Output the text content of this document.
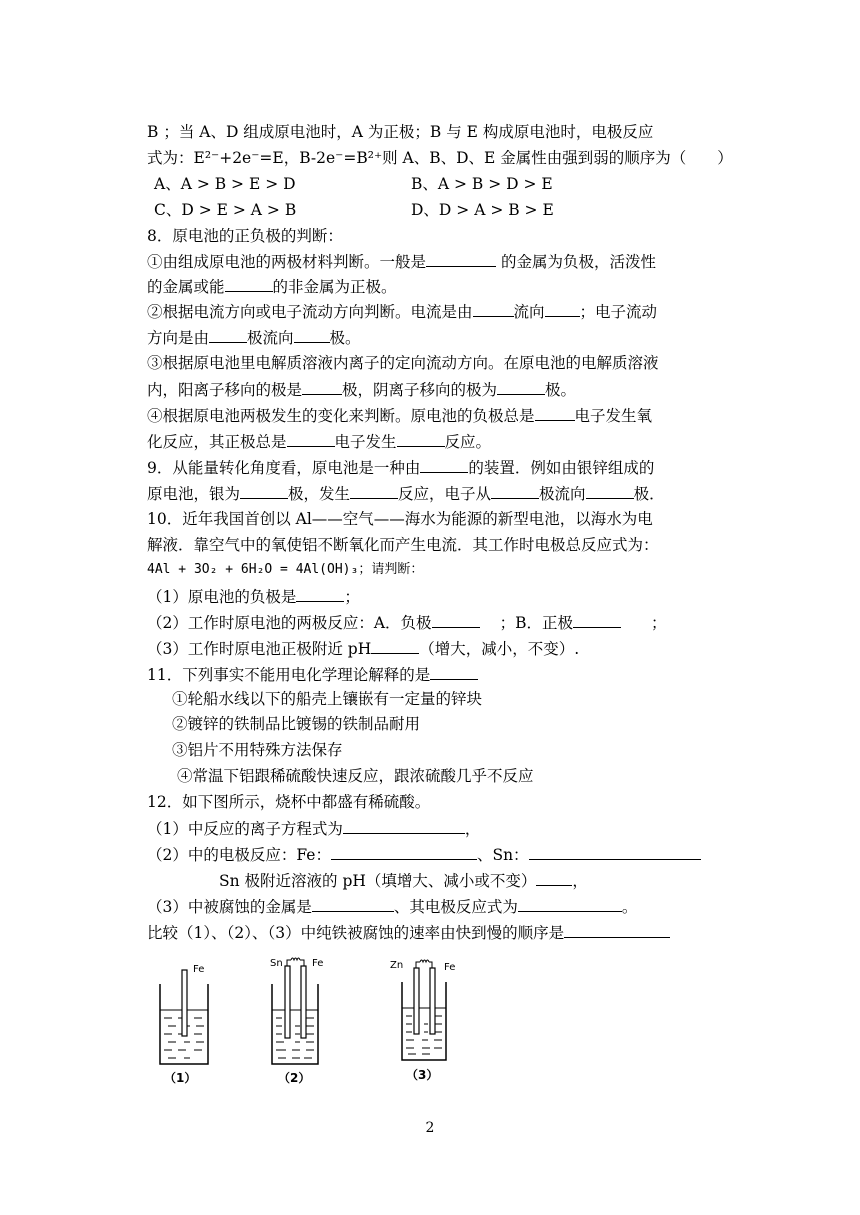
B ；当 A、D 组成原电池时，A 为正极；B 与 E 构成原电池时，电极反应
式为：E²⁻+2e⁻=E，B-2e⁻=B²⁺则 A、B、D、E 金属性由强到弱的顺序为（　　）
A、A > B > E > D	B、A > B > D > E
C、D > E > A > B	D、D > A > B > E
8．原电池的正负极的判断：
①由组成原电池的两极材料判断。一般是	的金属为负极，活泼性
的金属或能	的非金属为正极。
②根据电流方向或电子流动方向判断。电流是由	流向 ；电子流动
方向是由 极流向 极。
③根据原电池里电解质溶液内离子的定向流动方向。在原电池的电解质溶液
内，阳离子移向的极是	极，阴离子移向的极为	极。
④根据原电池两极发生的变化来判断。原电池的负极总是	电子发生氧
化反应，其正极总是	电子发生	反应。
9．从能量转化角度看，原电池是一种由	的装置．例如由银锌组成的
原电池，银为	极，发生	反应，电子从	极流向	极．
10．近年我国首创以 Al——空气——海水为能源的新型电池，以海水为电
解液．靠空气中的氧使铝不断氧化而产生电流．其工作时电极总反应式为：
4Al + 3O₂ + 6H₂O = 4Al(OH)₃；请判断：
（1）原电池的负极是	；
（2）工作时原电池的两极反应：A．负极	；B．正极	；
（3）工作时原电池正极附近 pH	（增大，减小，不变）.
11．下列事实不能用电化学理论解释的是
①轮船水线以下的船壳上镶嵌有一定量的锌块
②镀锌的铁制品比镀锡的铁制品耐用
③铝片不用特殊方法保存
④常温下铝跟稀硫酸快速反应，跟浓硫酸几乎不反应
12．如下图所示，烧杯中都盛有稀硫酸。
（1）中反应的离子方程式为	，
（2）中的电极反应：Fe：	、Sn：
Sn 极附近溶液的 pH（填增大、减小或不变） ，
（3）中被腐蚀的金属是	、其电极反应式为	。
比较（1）、（2）、（3）中纯铁被腐蚀的速率由快到慢的顺序是
Fe
（1）
Sn	Fe
（2）
Zn	Fe
（3）
2
